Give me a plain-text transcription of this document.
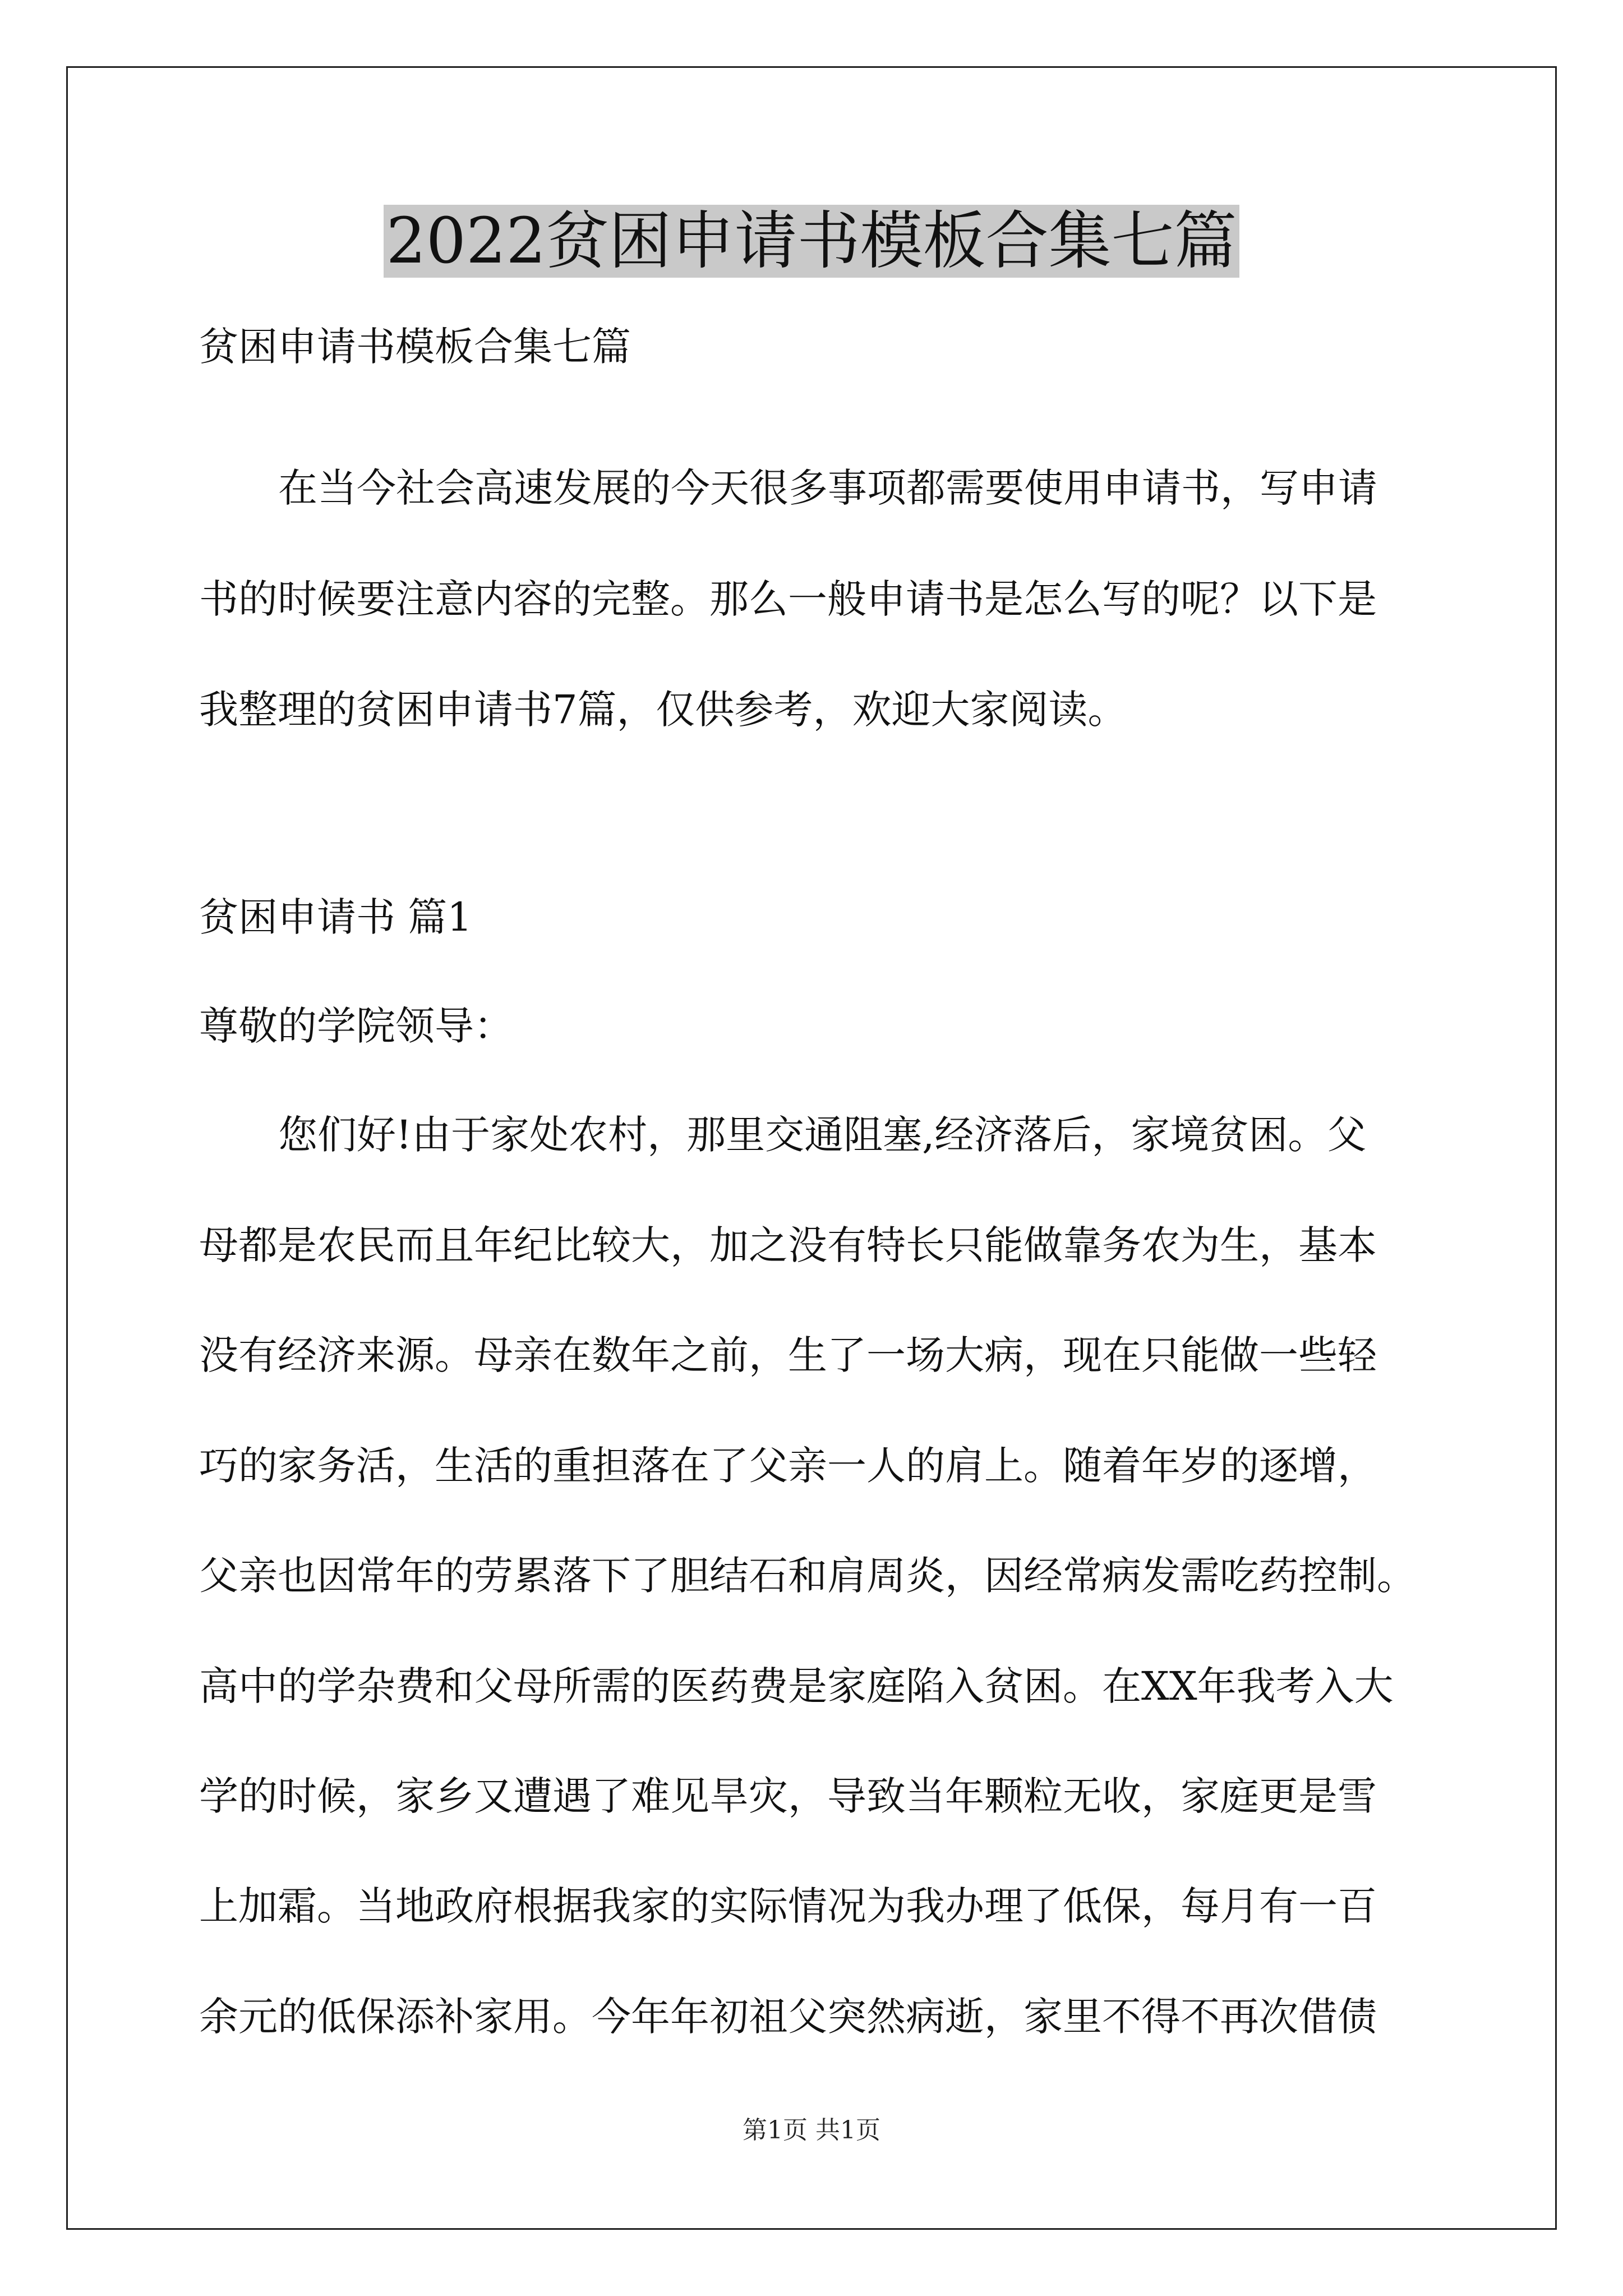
2022贫困申请书模板合集七篇
贫困申请书模板合集七篇
在当今社会高速发展的今天很多事项都需要使用申请书，写申请
书的时候要注意内容的完整。那么一般申请书是怎么写的呢？以下是
我整理的贫困申请书7篇，仅供参考，欢迎大家阅读。
贫困申请书 篇1
尊敬的学院领导：
您们好!由于家处农村，那里交通阻塞,经济落后，家境贫困。父
母都是农民而且年纪比较大，加之没有特长只能做靠务农为生，基本
没有经济来源。母亲在数年之前，生了一场大病，现在只能做一些轻
巧的家务活，生活的重担落在了父亲一人的肩上。随着年岁的逐增，
父亲也因常年的劳累落下了胆结石和肩周炎，因经常病发需吃药控制。
高中的学杂费和父母所需的医药费是家庭陷入贫困。在XX年我考入大
学的时候，家乡又遭遇了难见旱灾，导致当年颗粒无收，家庭更是雪
上加霜。当地政府根据我家的实际情况为我办理了低保，每月有一百
余元的低保添补家用。今年年初祖父突然病逝，家里不得不再次借债
第1页 共1页
